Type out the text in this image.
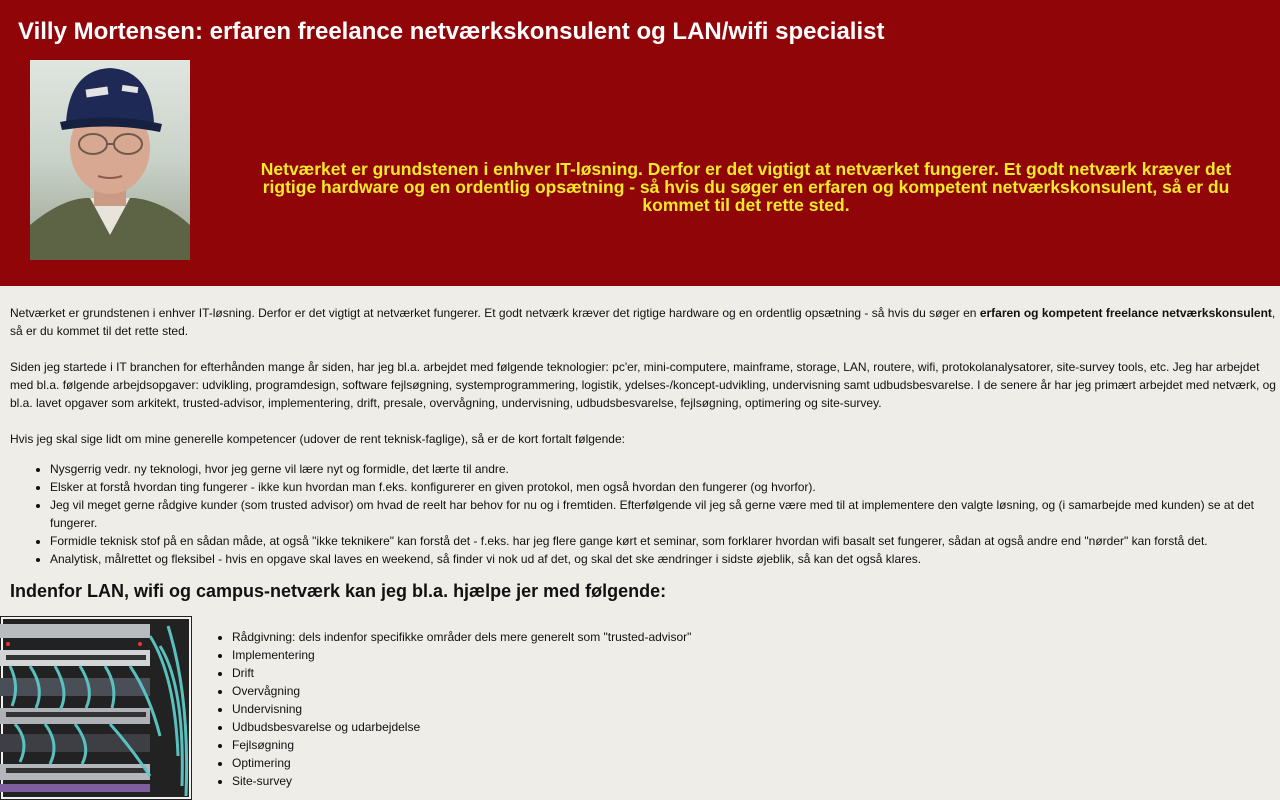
Villy Mortensen: erfaren freelance netværkskonsulent og LAN/wifi specialist

Netværket er grundstenen i enhver IT-løsning. Derfor er det vigtigt at netværket fungerer. Et godt netværk kræver det rigtige hardware og en ordentlig opsætning - så hvis du søger en erfaren og kompetent netværkskonsulent, så er du kommet til det rette sted.

Netværket er grundstenen i enhver IT-løsning. Derfor er det vigtigt at netværket fungerer. Et godt netværk kræver det rigtige hardware og en ordentlig opsætning - så hvis du søger en erfaren og kompetent freelance netværkskonsulent, så er du kommet til det rette sted.

Siden jeg startede i IT branchen for efterhånden mange år siden, har jeg bl.a. arbejdet med følgende teknologier: pc'er, mini-computere, mainframe, storage, LAN, routere, wifi, protokolanalysatorer, site-survey tools, etc. Jeg har arbejdet med bl.a. følgende arbejdsopgaver: udvikling, programdesign, software fejlsøgning, systemprogrammering, logistik, ydelses-/koncept-udvikling, undervisning samt udbudsbesvarelse. I de senere år har jeg primært arbejdet med netværk, og bl.a. lavet opgaver som arkitekt, trusted-advisor, implementering, drift, presale, overvågning, undervisning, udbudsbesvarelse, fejlsøgning, optimering og site-survey.

Hvis jeg skal sige lidt om mine generelle kompetencer (udover de rent teknisk-faglige), så er de kort fortalt følgende:

• Nysgerrig vedr. ny teknologi, hvor jeg gerne vil lære nyt og formidle, det lærte til andre.
• Elsker at forstå hvordan ting fungerer - ikke kun hvordan man f.eks. konfigurerer en given protokol, men også hvordan den fungerer (og hvorfor).
• Jeg vil meget gerne rådgive kunder (som trusted advisor) om hvad de reelt har behov for nu og i fremtiden. Efterfølgende vil jeg så gerne være med til at implementere den valgte løsning, og (i samarbejde med kunden) se at det fungerer.
• Formidle teknisk stof på en sådan måde, at også "ikke teknikere" kan forstå det - f.eks. har jeg flere gange kørt et seminar, som forklarer hvordan wifi basalt set fungerer, sådan at også andre end "nørder" kan forstå det.
• Analytisk, målrettet og fleksibel - hvis en opgave skal laves en weekend, så finder vi nok ud af det, og skal det ske ændringer i sidste øjeblik, så kan det også klares.
Indenfor LAN, wifi og campus-netværk kan jeg bl.a. hjælpe jer med følgende:
• Rådgivning: dels indenfor specifikke områder dels mere generelt som "trusted-advisor"
• Implementering
• Drift
• Overvågning
• Undervisning
• Udbudsbesvarelse og udarbejdelse
• Fejlsøgning
• Optimering
• Site-survey
